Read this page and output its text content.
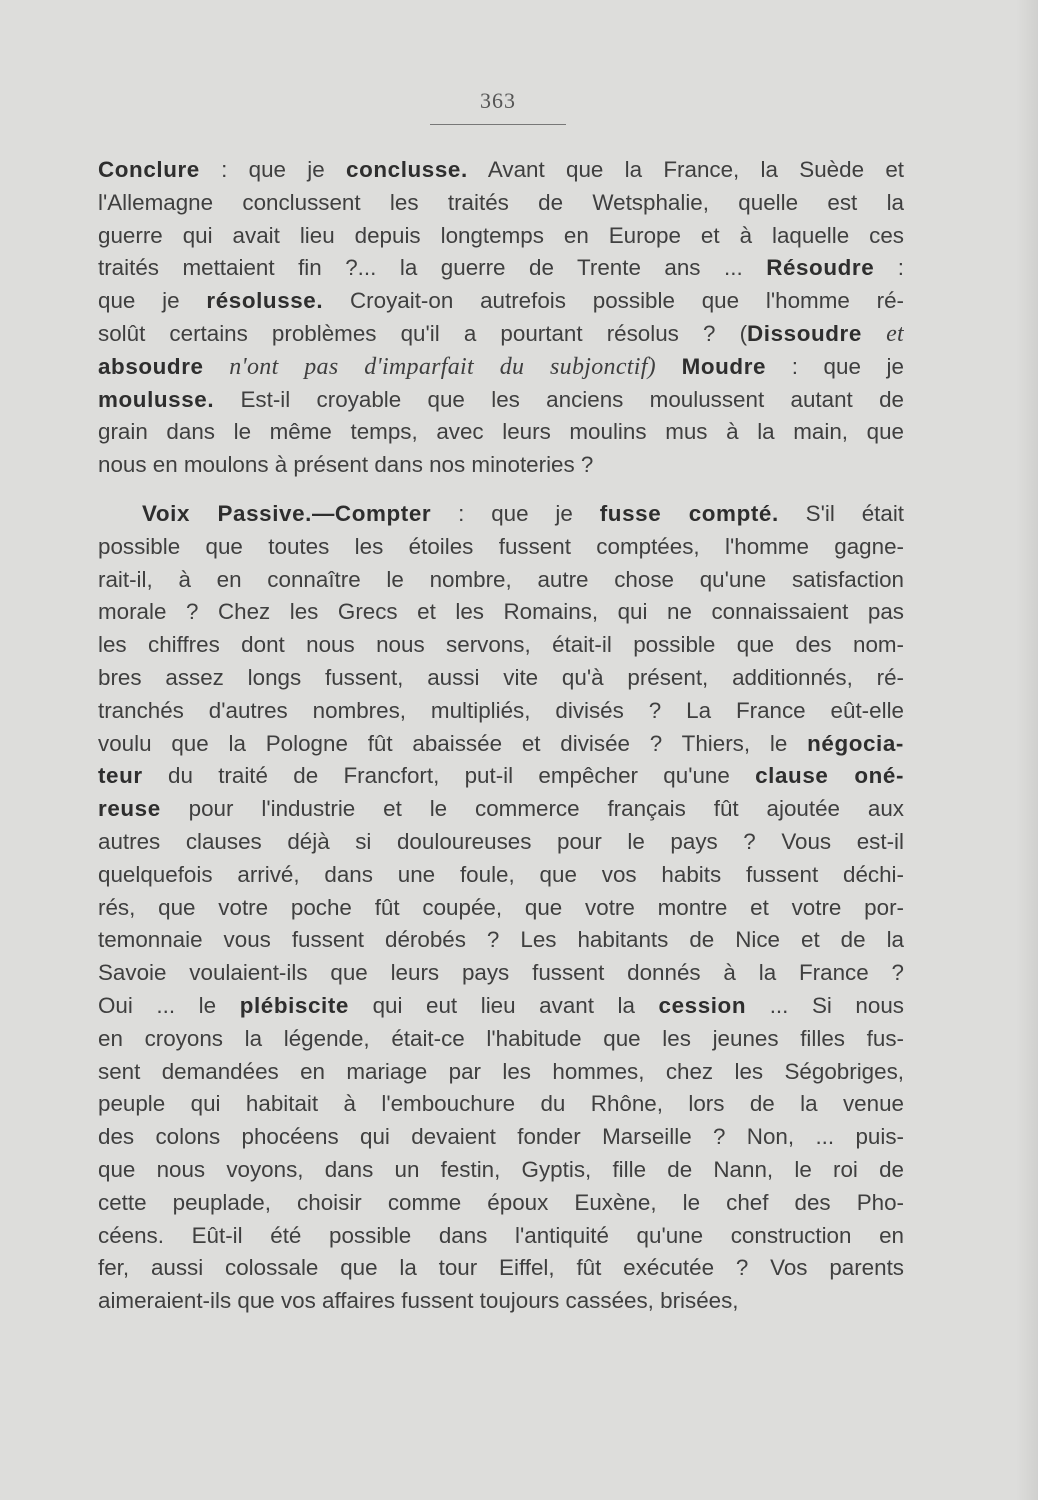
363
Conclure : que je conclusse. Avant que la France, la Suède et
l'Allemagne conclussent les traités de Wetsphalie, quelle est la
guerre qui avait lieu depuis longtemps en Europe et à laquelle ces
traités mettaient fin ?... la guerre de Trente ans ... Résoudre :
que je résolusse. Croyait-on autrefois possible que l'homme ré-
solût certains problèmes qu'il a pourtant résolus ? (Dissoudre et
absoudre n'ont pas d'imparfait du subjonctif) Moudre : que je
moulusse. Est-il croyable que les anciens moulussent autant de
grain dans le même temps, avec leurs moulins mus à la main, que
nous en moulons à présent dans nos minoteries ?
Voix Passive.—Compter : que je fusse compté. S'il était
possible que toutes les étoiles fussent comptées, l'homme gagne-
rait-il, à en connaître le nombre, autre chose qu'une satisfaction
morale ? Chez les Grecs et les Romains, qui ne connaissaient pas
les chiffres dont nous nous servons, était-il possible que des nom-
bres assez longs fussent, aussi vite qu'à présent, additionnés, ré-
tranchés d'autres nombres, multipliés, divisés ? La France eût-elle
voulu que la Pologne fût abaissée et divisée ? Thiers, le négocia-
teur du traité de Francfort, put-il empêcher qu'une clause oné-
reuse pour l'industrie et le commerce français fût ajoutée aux
autres clauses déjà si douloureuses pour le pays ? Vous est-il
quelquefois arrivé, dans une foule, que vos habits fussent déchi-
rés, que votre poche fût coupée, que votre montre et votre por-
temonnaie vous fussent dérobés ? Les habitants de Nice et de la
Savoie voulaient-ils que leurs pays fussent donnés à la France ?
Oui ... le plébiscite qui eut lieu avant la cession ... Si nous
en croyons la légende, était-ce l'habitude que les jeunes filles fus-
sent demandées en mariage par les hommes, chez les Ségobriges,
peuple qui habitait à l'embouchure du Rhône, lors de la venue
des colons phocéens qui devaient fonder Marseille ? Non, ... puis-
que nous voyons, dans un festin, Gyptis, fille de Nann, le roi de
cette peuplade, choisir comme époux Euxène, le chef des Pho-
céens. Eût-il été possible dans l'antiquité qu'une construction en
fer, aussi colossale que la tour Eiffel, fût exécutée ? Vos parents
aimeraient-ils que vos affaires fussent toujours cassées, brisées,
